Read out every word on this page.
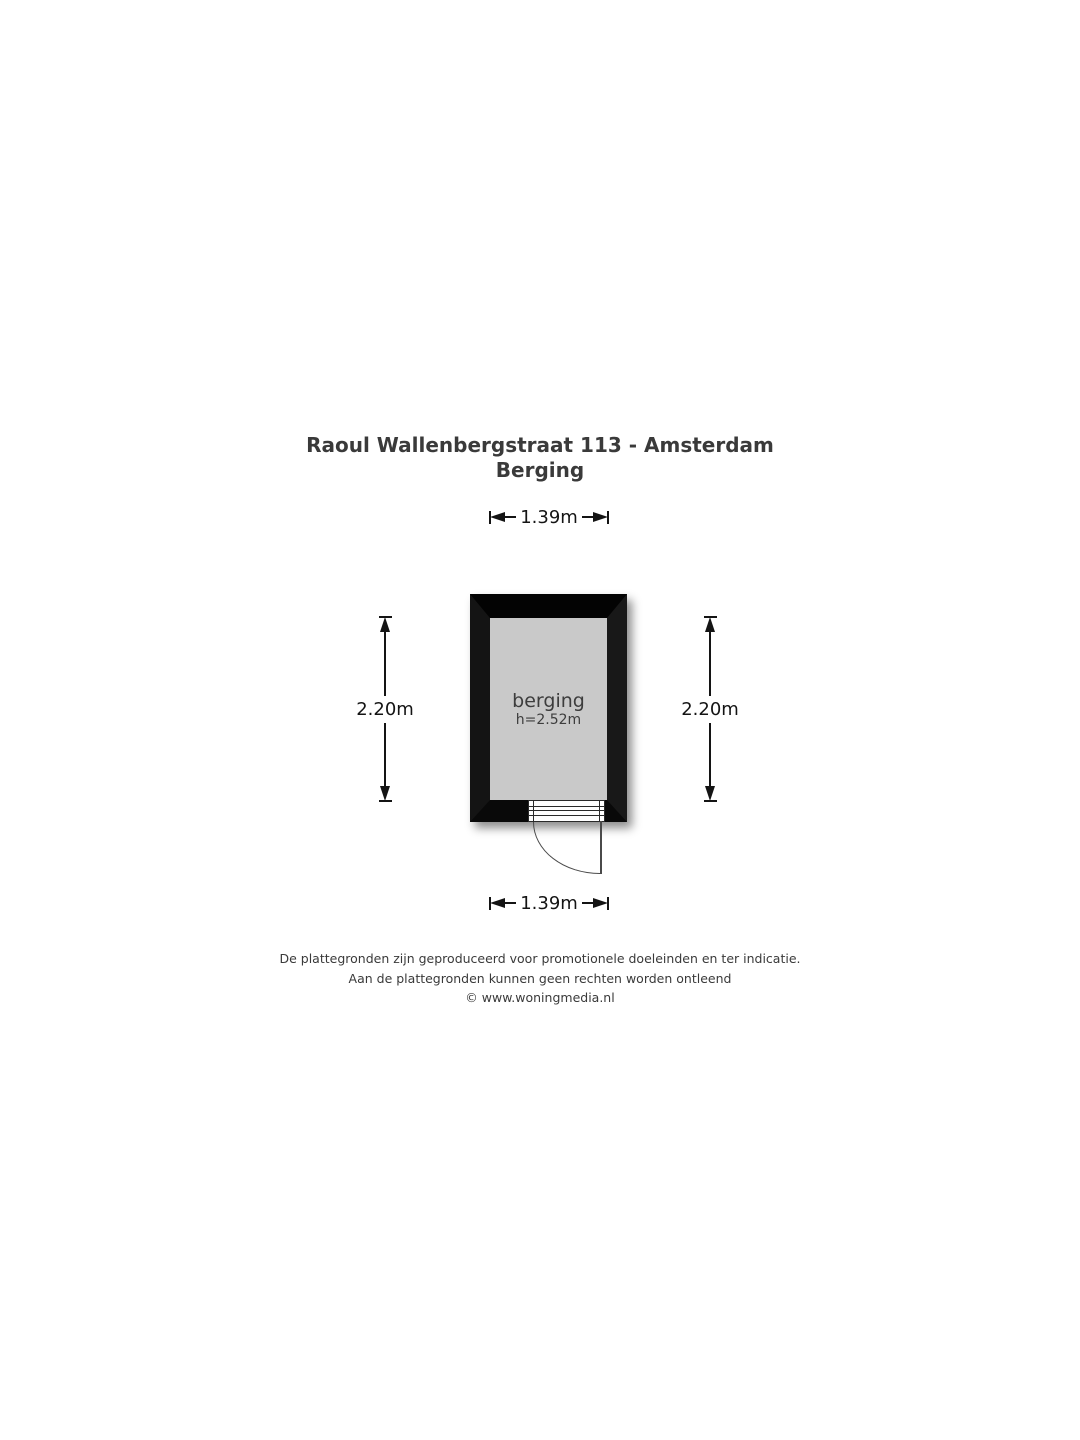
Raoul Wallenbergstraat 113 - Amsterdam
Berging
1.39m
2.20m	2.20m
berging
h=2.52m
1.39m
De plattegronden zijn geproduceerd voor promotionele doeleinden en ter indicatie.
Aan de plattegronden kunnen geen rechten worden ontleend
© www.woningmedia.nl
